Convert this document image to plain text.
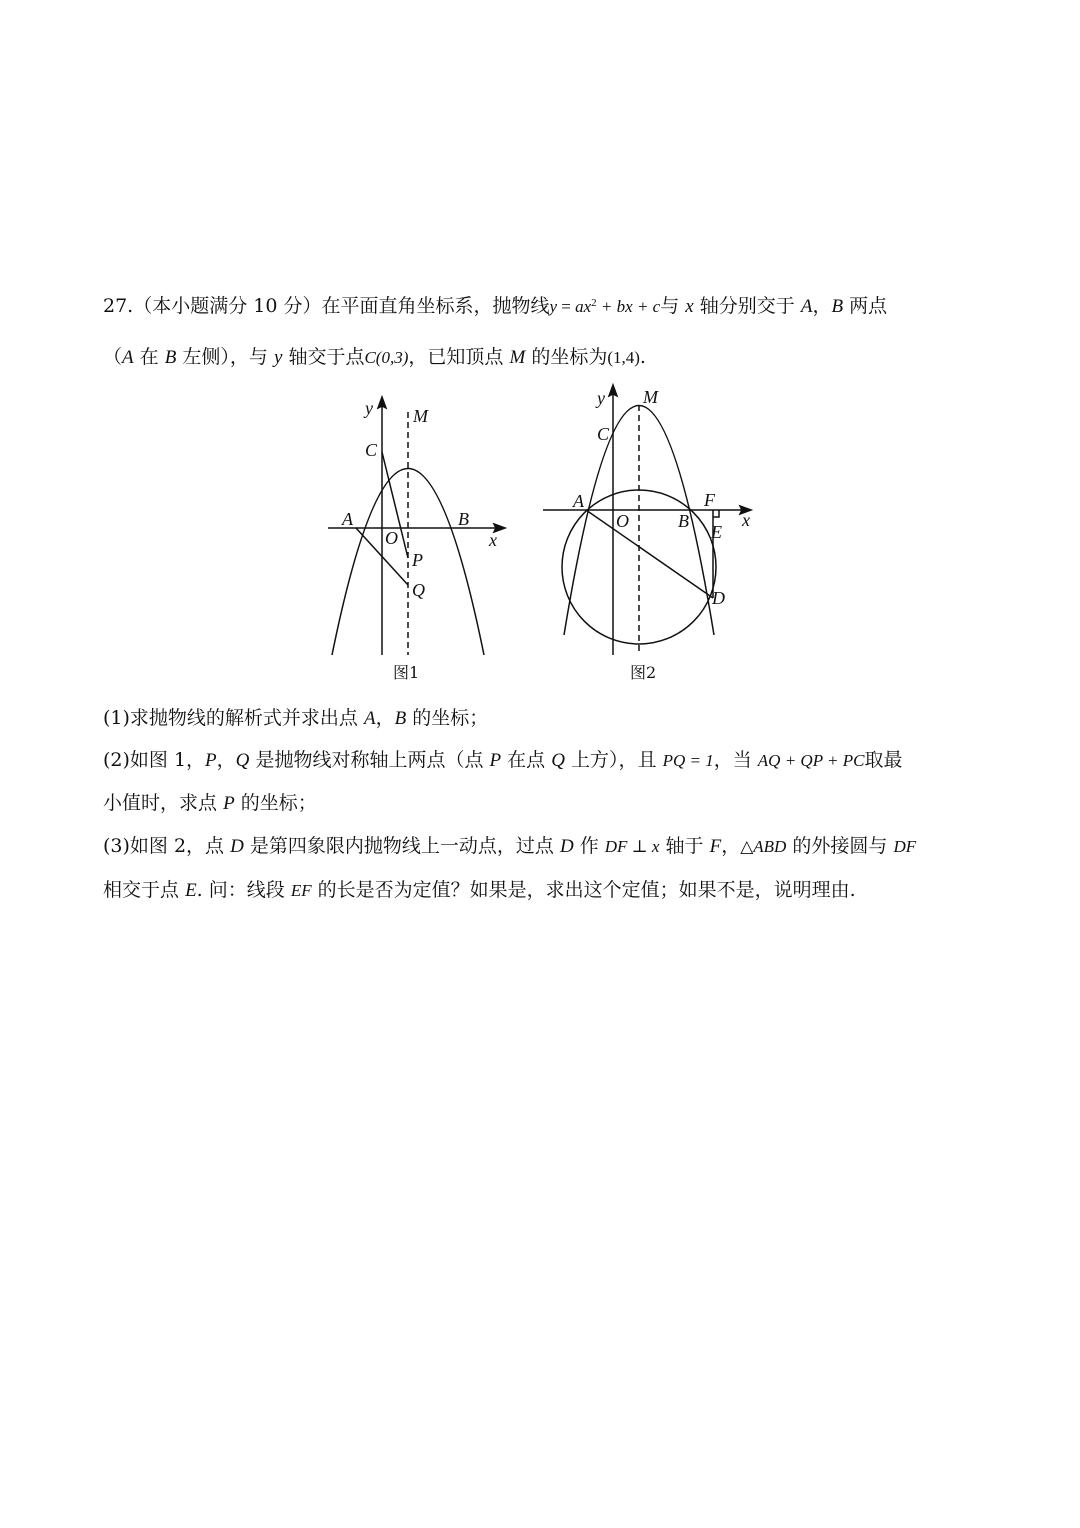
27.（本小题满分 10 分）在平面直角坐标系，抛物线$y = ax^2$ + bx + c与 x 轴分别交于 A，B 两点
（A 在 B 左侧），与 y 轴交于点C(0,3)，已知顶点 M 的坐标为(1,4).
y M
C
A
O
B
x
P
Q
图1
y M
C
A
O	B
F
E
x
D
图2
(1)求抛物线的解析式并求出点 A，B 的坐标；
(2)如图 1，P，Q 是抛物线对称轴上两点（点 P 在点 Q 上方），且 PQ = 1，当 AQ + QP + PC取最
小值时，求点 P 的坐标；
(3)如图 2，点 D 是第四象限内抛物线上一动点，过点 D 作 DF ⊥ x 轴于 F，△ABD 的外接圆与 DF
相交于点 E. 问：线段 EF 的长是否为定值？如果是，求出这个定值；如果不是，说明理由.
